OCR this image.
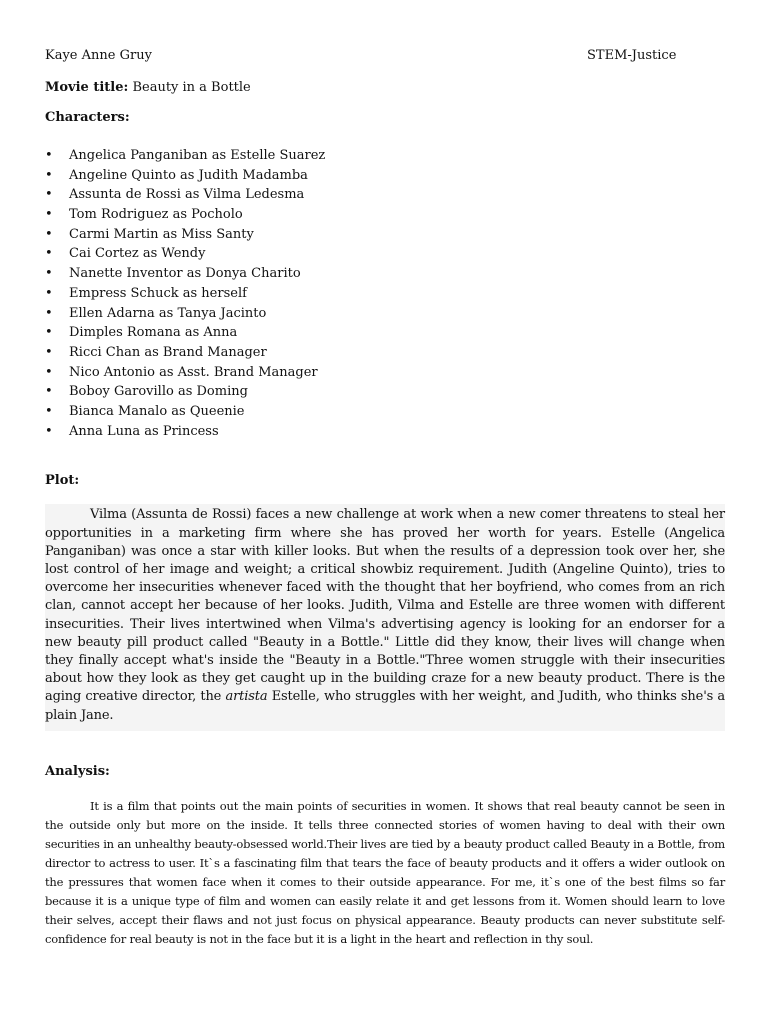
Kaye Anne Gruy	STEM-Justice
Movie title: Beauty in a Bottle
Characters:
• Angelica Panganiban as Estelle Suarez
• Angeline Quinto as Judith Madamba
• Assunta de Rossi as Vilma Ledesma
• Tom Rodriguez as Pocholo
• Carmi Martin as Miss Santy
• Cai Cortez as Wendy
• Nanette Inventor as Donya Charito
• Empress Schuck as herself
• Ellen Adarna as Tanya Jacinto
• Dimples Romana as Anna
• Ricci Chan as Brand Manager
• Nico Antonio as Asst. Brand Manager
• Boboy Garovillo as Doming
• Bianca Manalo as Queenie
• Anna Luna as Princess
Plot:
Vilma (Assunta de Rossi) faces a new challenge at work when a new comer threatens to steal her opportunities in a marketing firm where she has proved her worth for years. Estelle (Angelica Panganiban) was once a star with killer looks. But when the results of a depression took over her, she lost control of her image and weight; a critical showbiz requirement. Judith (Angeline Quinto), tries to overcome her insecurities whenever faced with the thought that her boyfriend, who comes from an rich clan, cannot accept her because of her looks. Judith, Vilma and Estelle are three women with different insecurities. Their lives intertwined when Vilma's advertising agency is looking for an endorser for a new beauty pill product called "Beauty in a Bottle." Little did they know, their lives will change when they finally accept what's inside the "Beauty in a Bottle."Three women struggle with their insecurities about how they look as they get caught up in the building craze for a new beauty product. There is the aging creative director, the artista Estelle, who struggles with her weight, and Judith, who thinks she's a plain Jane.
Analysis:
It is a film that points out the main points of securities in women. It shows that real beauty cannot be seen in the outside only but more on the inside. It tells three connected stories of women having to deal with their own securities in an unhealthy beauty-obsessed world.Their lives are tied by a beauty product called Beauty in a Bottle, from director to actress to user. It`s a fascinating film that tears the face of beauty products and it offers a wider outlook on the pressures that women face when it comes to their outside appearance. For me, it`s one of the best films so far because it is a unique type of film and women can easily relate it and get lessons from it. Women should learn to love their selves, accept their flaws and not just focus on physical appearance. Beauty products can never substitute self-confidence for real beauty is not in the face but it is a light in the heart and reflection in thy soul.
